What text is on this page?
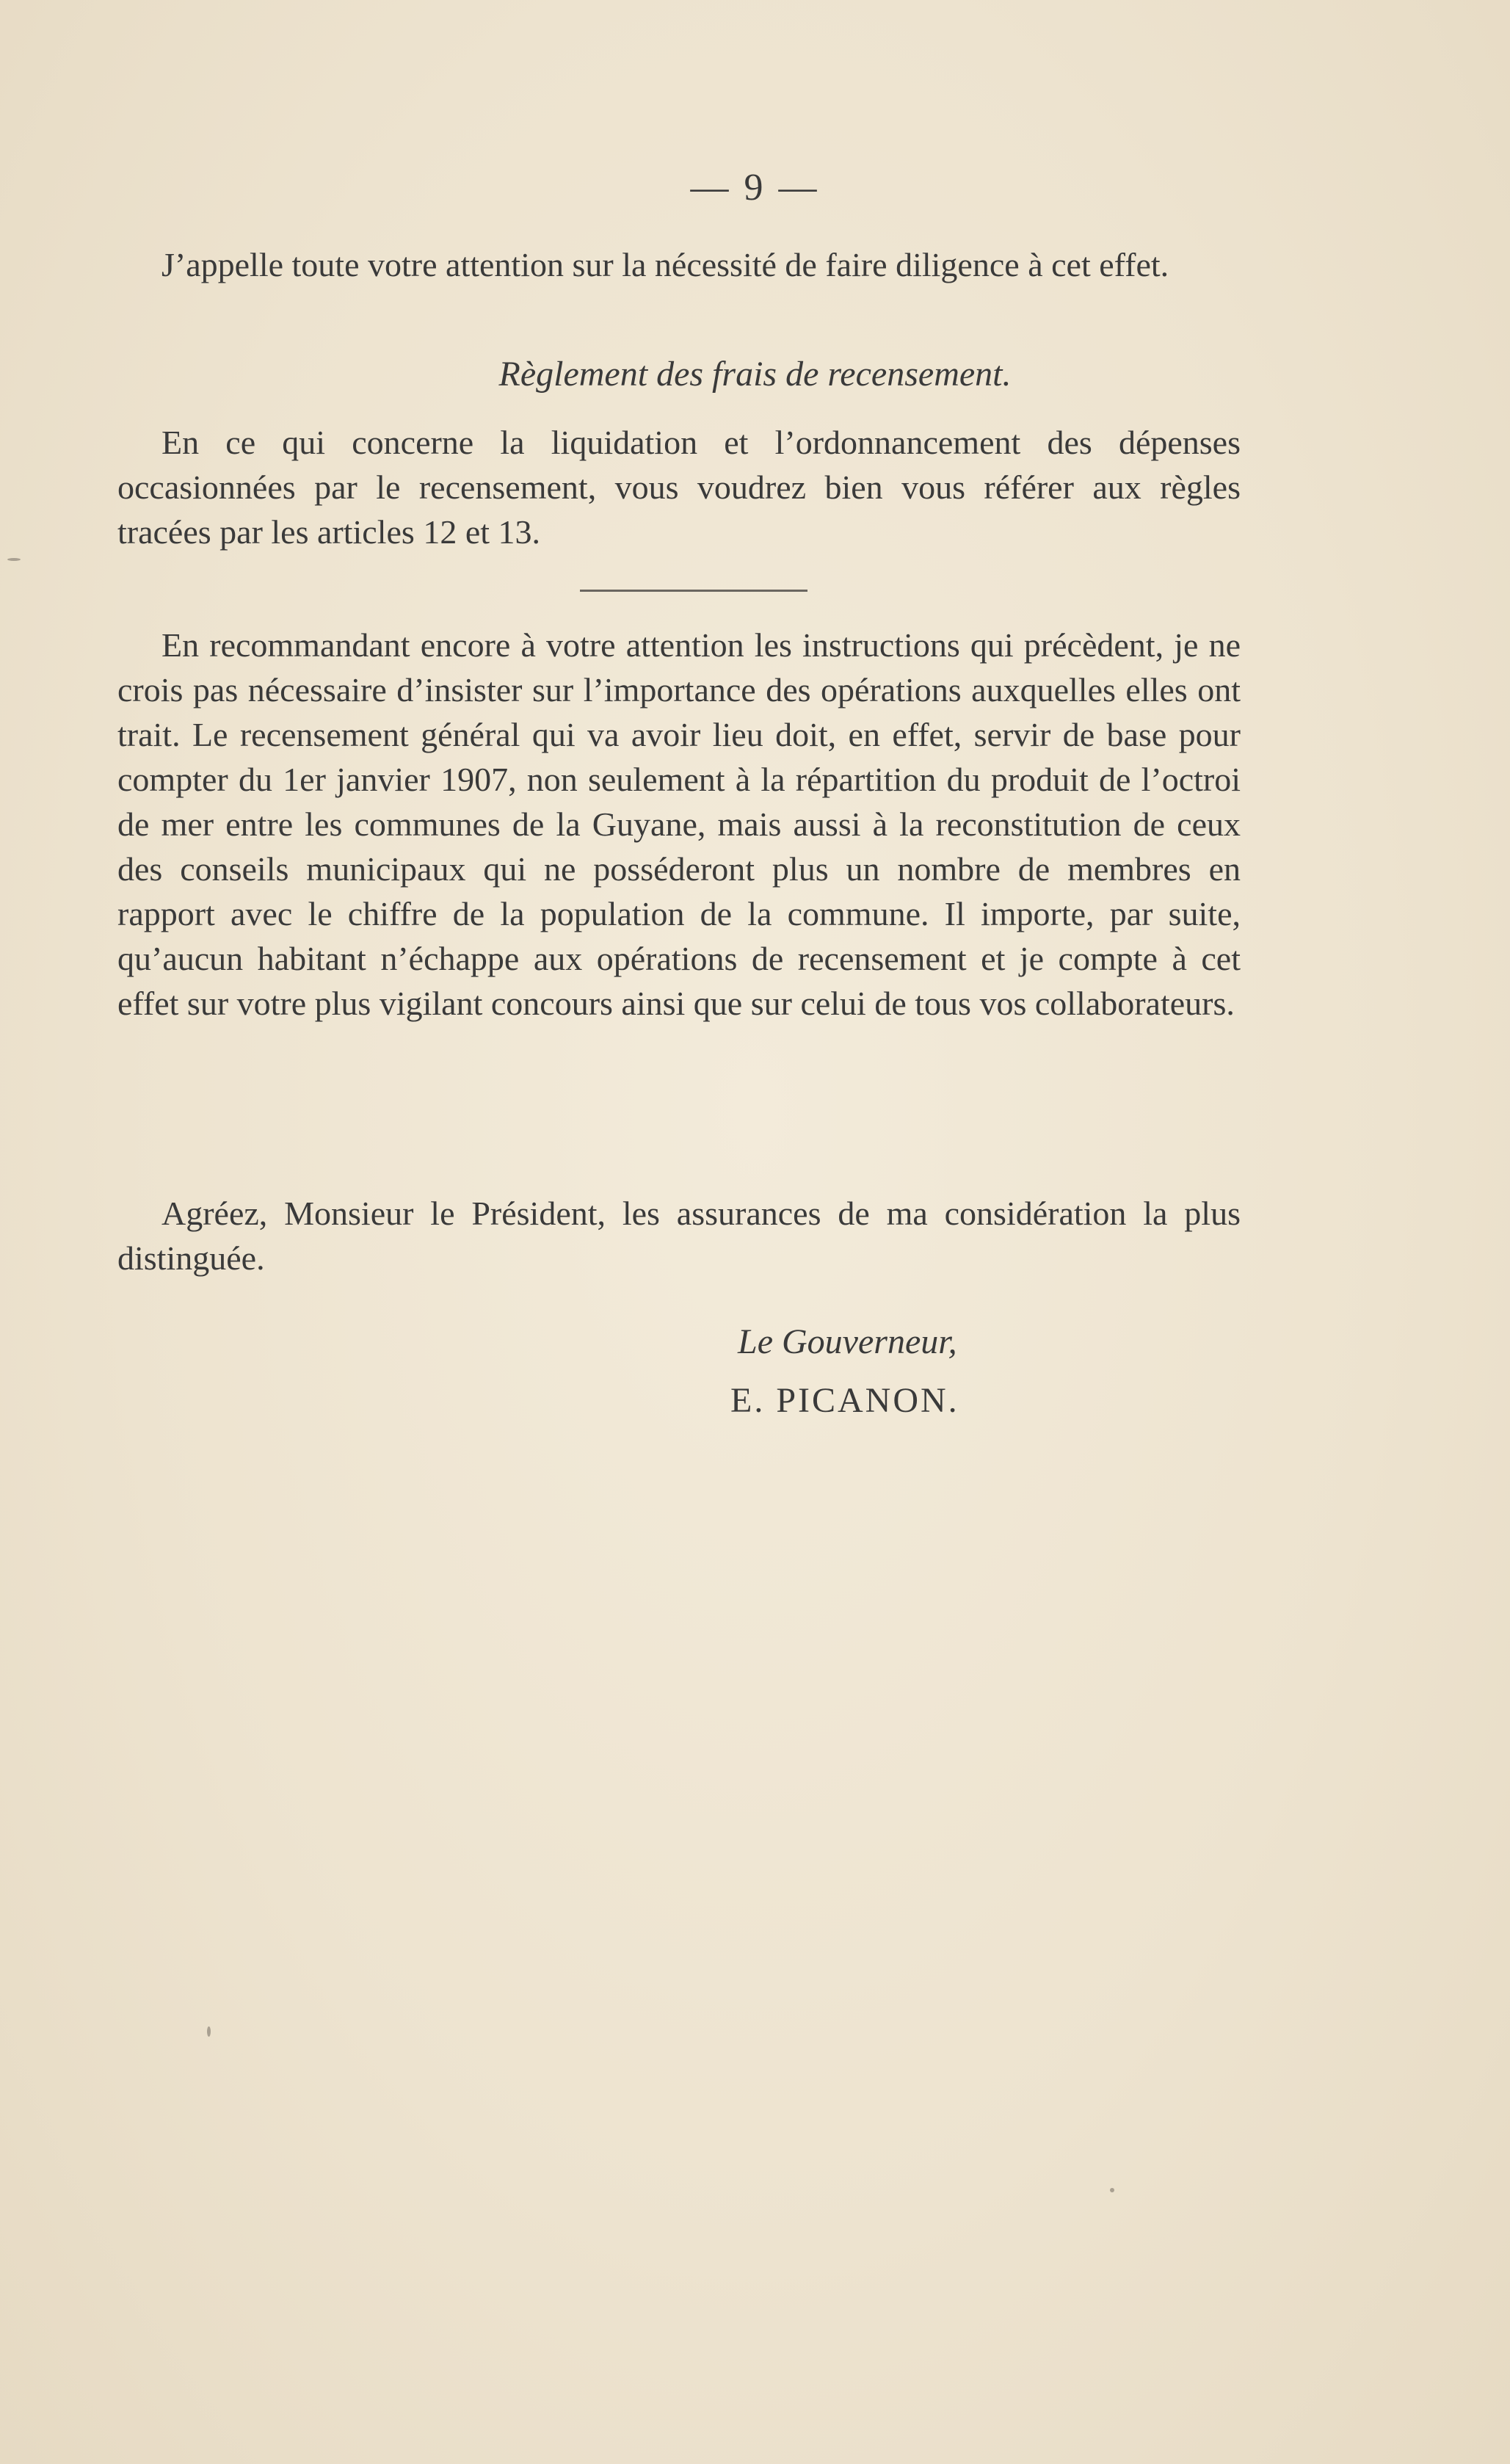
— 9 —

J’appelle toute votre attention sur la nécessité de faire diligence à cet effet.

Règlement des frais de recensement.

En ce qui concerne la liquidation et l’ordonnancement des dépenses occasionnées par le recensement, vous voudrez bien vous référer aux règles tracées par les articles 12 et 13.

En recommandant encore à votre attention les instructions qui précèdent, je ne crois pas nécessaire d’insister sur l’importance des opérations auxquelles elles ont trait. Le recensement général qui va avoir lieu doit, en effet, servir de base pour compter du 1er janvier 1907, non seulement à la répartition du produit de l’octroi de mer entre les communes de la Guyane, mais aussi à la reconstitution de ceux des conseils municipaux qui ne posséderont plus un nombre de membres en rapport avec le chiffre de la population de la commune. Il importe, par suite, qu’aucun habitant n’échappe aux opérations de recensement et je compte à cet effet sur votre plus vigilant concours ainsi que sur celui de tous vos collaborateurs.

Agréez, Monsieur le Président, les assurances de ma considération la plus distinguée.

Le Gouverneur,
E. PICANON.
